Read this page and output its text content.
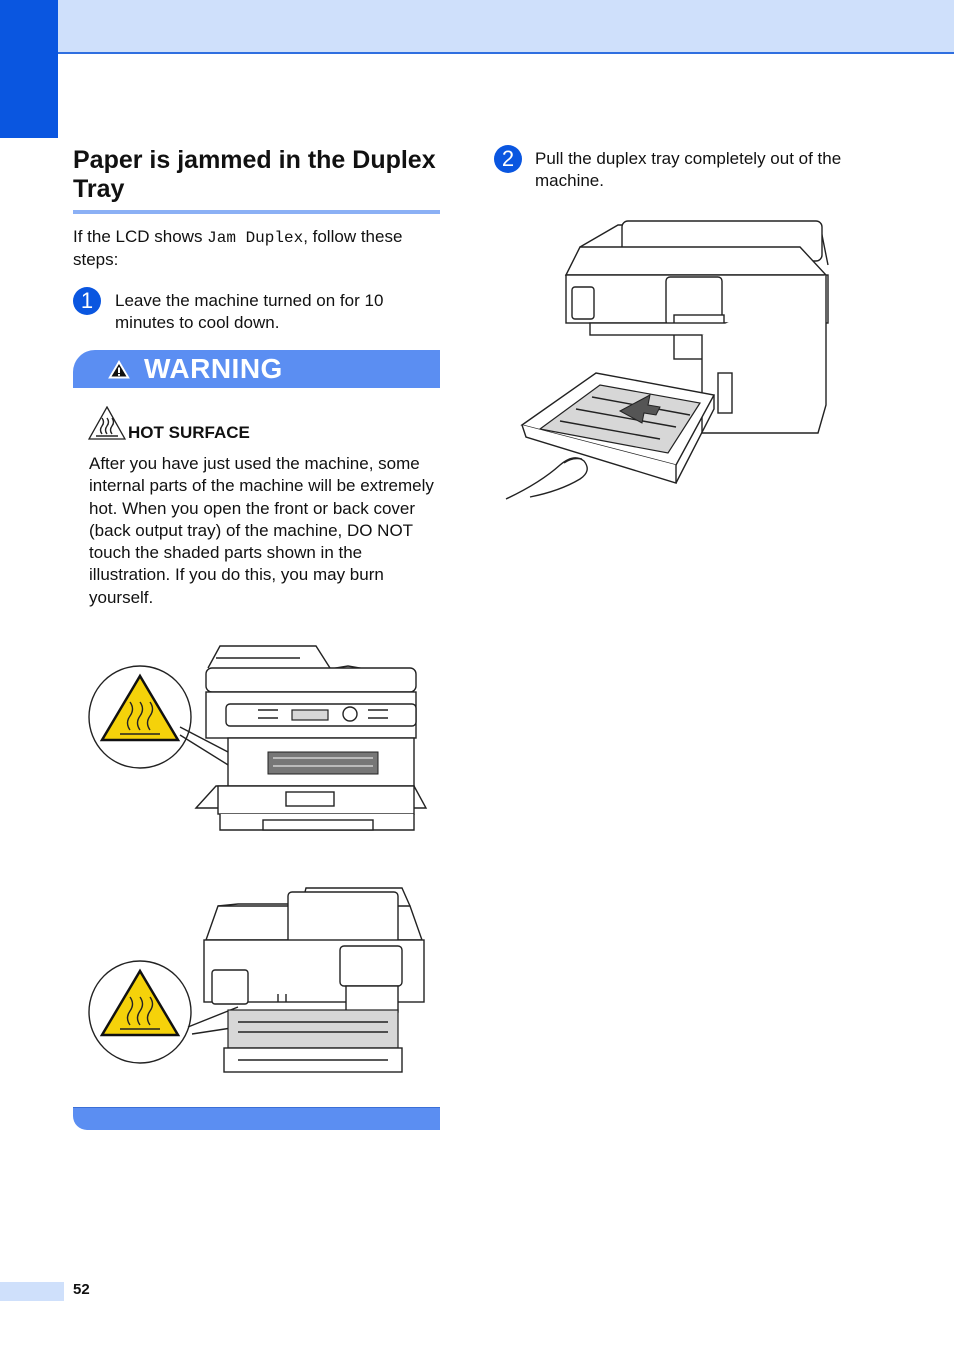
Paper is jammed in the Duplex Tray
If the LCD shows Jam Duplex, follow these steps:
1	Leave the machine turned on for 10 minutes to cool down.
WARNING
HOT SURFACE
After you have just used the machine, some internal parts of the machine will be extremely hot. When you open the front or back cover (back output tray) of the machine, DO NOT touch the shaded parts shown in the illustration. If you do this, you may burn yourself.
2	Pull the duplex tray completely out of the machine.
52
